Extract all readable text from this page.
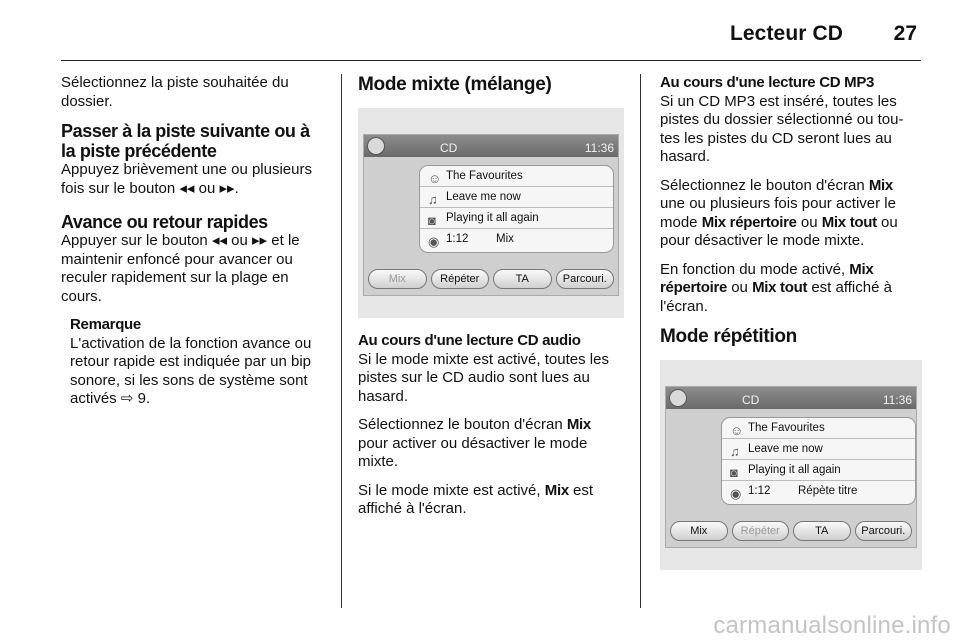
Lecteur CD 27

Sélectionnez la piste souhaitée du dossier.

Passer à la piste suivante ou à la piste précédente

Appuyez brièvement une ou plusieurs fois sur le bouton ◂◂ ou ▸▸.

Avance ou retour rapides

Appuyer sur le bouton ◂◂ ou ▸▸ et le maintenir enfoncé pour avancer ou reculer rapidement sur la plage en cours.

Remarque
L'activation de la fonction avance ou retour rapide est indiquée par un bip sonore, si les sons de système sont activés ⇨ 9.
Mode mixte (mélange)
CD	11:36
☺ The Favourites
♫ Leave me now
◙ Playing it all again
◉ 1:12 Mix
Mix	Répéter	TA	Parcouri.
Au cours d'une lecture CD audio

Si le mode mixte est activé, toutes les pistes sur le CD audio sont lues au hasard.

Sélectionnez le bouton d'écran Mix pour activer ou désactiver le mode mixte.

Si le mode mixte est activé, Mix est affiché à l'écran.

Au cours d'une lecture CD MP3

Si un CD MP3 est inséré, toutes les pistes du dossier sélectionné ou tou- tes les pistes du CD seront lues au hasard.

Sélectionnez le bouton d'écran Mix une ou plusieurs fois pour activer le mode Mix répertoire ou Mix tout ou pour désactiver le mode mixte.

En fonction du mode activé, Mix répertoire ou Mix tout est affiché à l'écran.

Mode répétition
CD	11:36
☺ The Favourites
♫ Leave me now
◙ Playing it all again
◉ 1:12 Répète titre
Mix	Répéter	TA	Parcouri.
carmanualsonline.info
